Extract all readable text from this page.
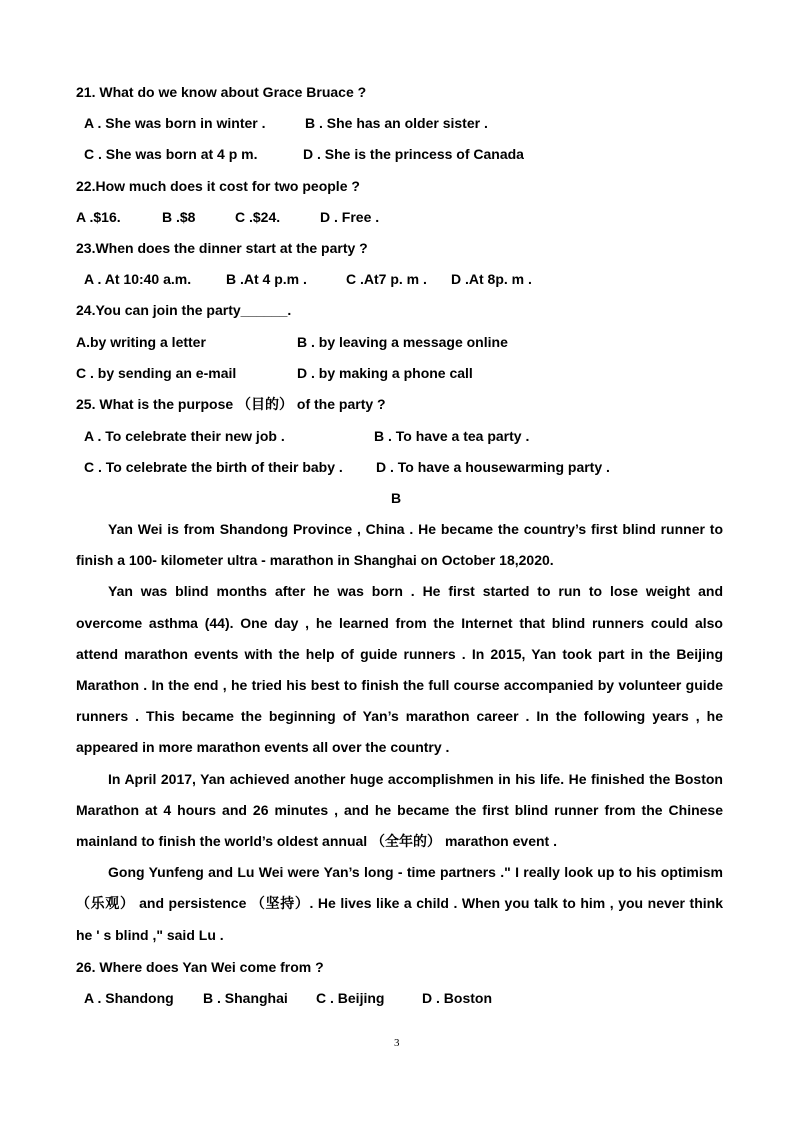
21. What do we know about Grace Bruace ?
A . She was born in winter .	B . She has an older sister .
C . She was born at 4 p m.	D . She is the princess of Canada
22.How much does it cost for two people ?
A .$16.	B .$8	C .$24.	D . Free .
23.When does the dinner start at the party ?
A . At 10:40 a.m. B .At 4 p.m .	C .At7 p. m . D .At 8p. m .
24.You can join the party______.
A.by writing a letter	B . by leaving a message online
C . by sending an e-mail	D . by making a phone call
25. What is the purpose （目的） of the party ?
A . To celebrate their new job .	B . To have a tea party .
C . To celebrate the birth of their baby . D . To have a housewarming party .
B

Yan Wei is from Shandong Province , China . He became the country’s first blind runner to finish a 100- kilometer ultra - marathon in Shanghai on October 18,2020.

Yan was blind months after he was born . He first started to run to lose weight and overcome asthma (44). One day , he learned from the Internet that blind runners could also attend marathon events with the help of guide runners . In 2015, Yan took part in the Beijing Marathon . In the end , he tried his best to finish the full course accompanied by volunteer guide runners . This became the beginning of Yan’s marathon career . In the following years , he appeared in more marathon events all over the country .

In April 2017, Yan achieved another huge accomplishmen in his life. He finished the Boston Marathon at 4 hours and 26 minutes , and he became the first blind runner from the Chinese mainland to finish the world’s oldest annual （全年的） marathon event .

Gong Yunfeng and Lu Wei were Yan’s long - time partners ." I really look up to his optimism （乐观） and persistence （坚持）. He lives like a child . When you talk to him , you never think he ' s blind ," said Lu .

26. Where does Yan Wei come from ?
A . Shandong B . Shanghai C . Beijing	D . Boston
3
